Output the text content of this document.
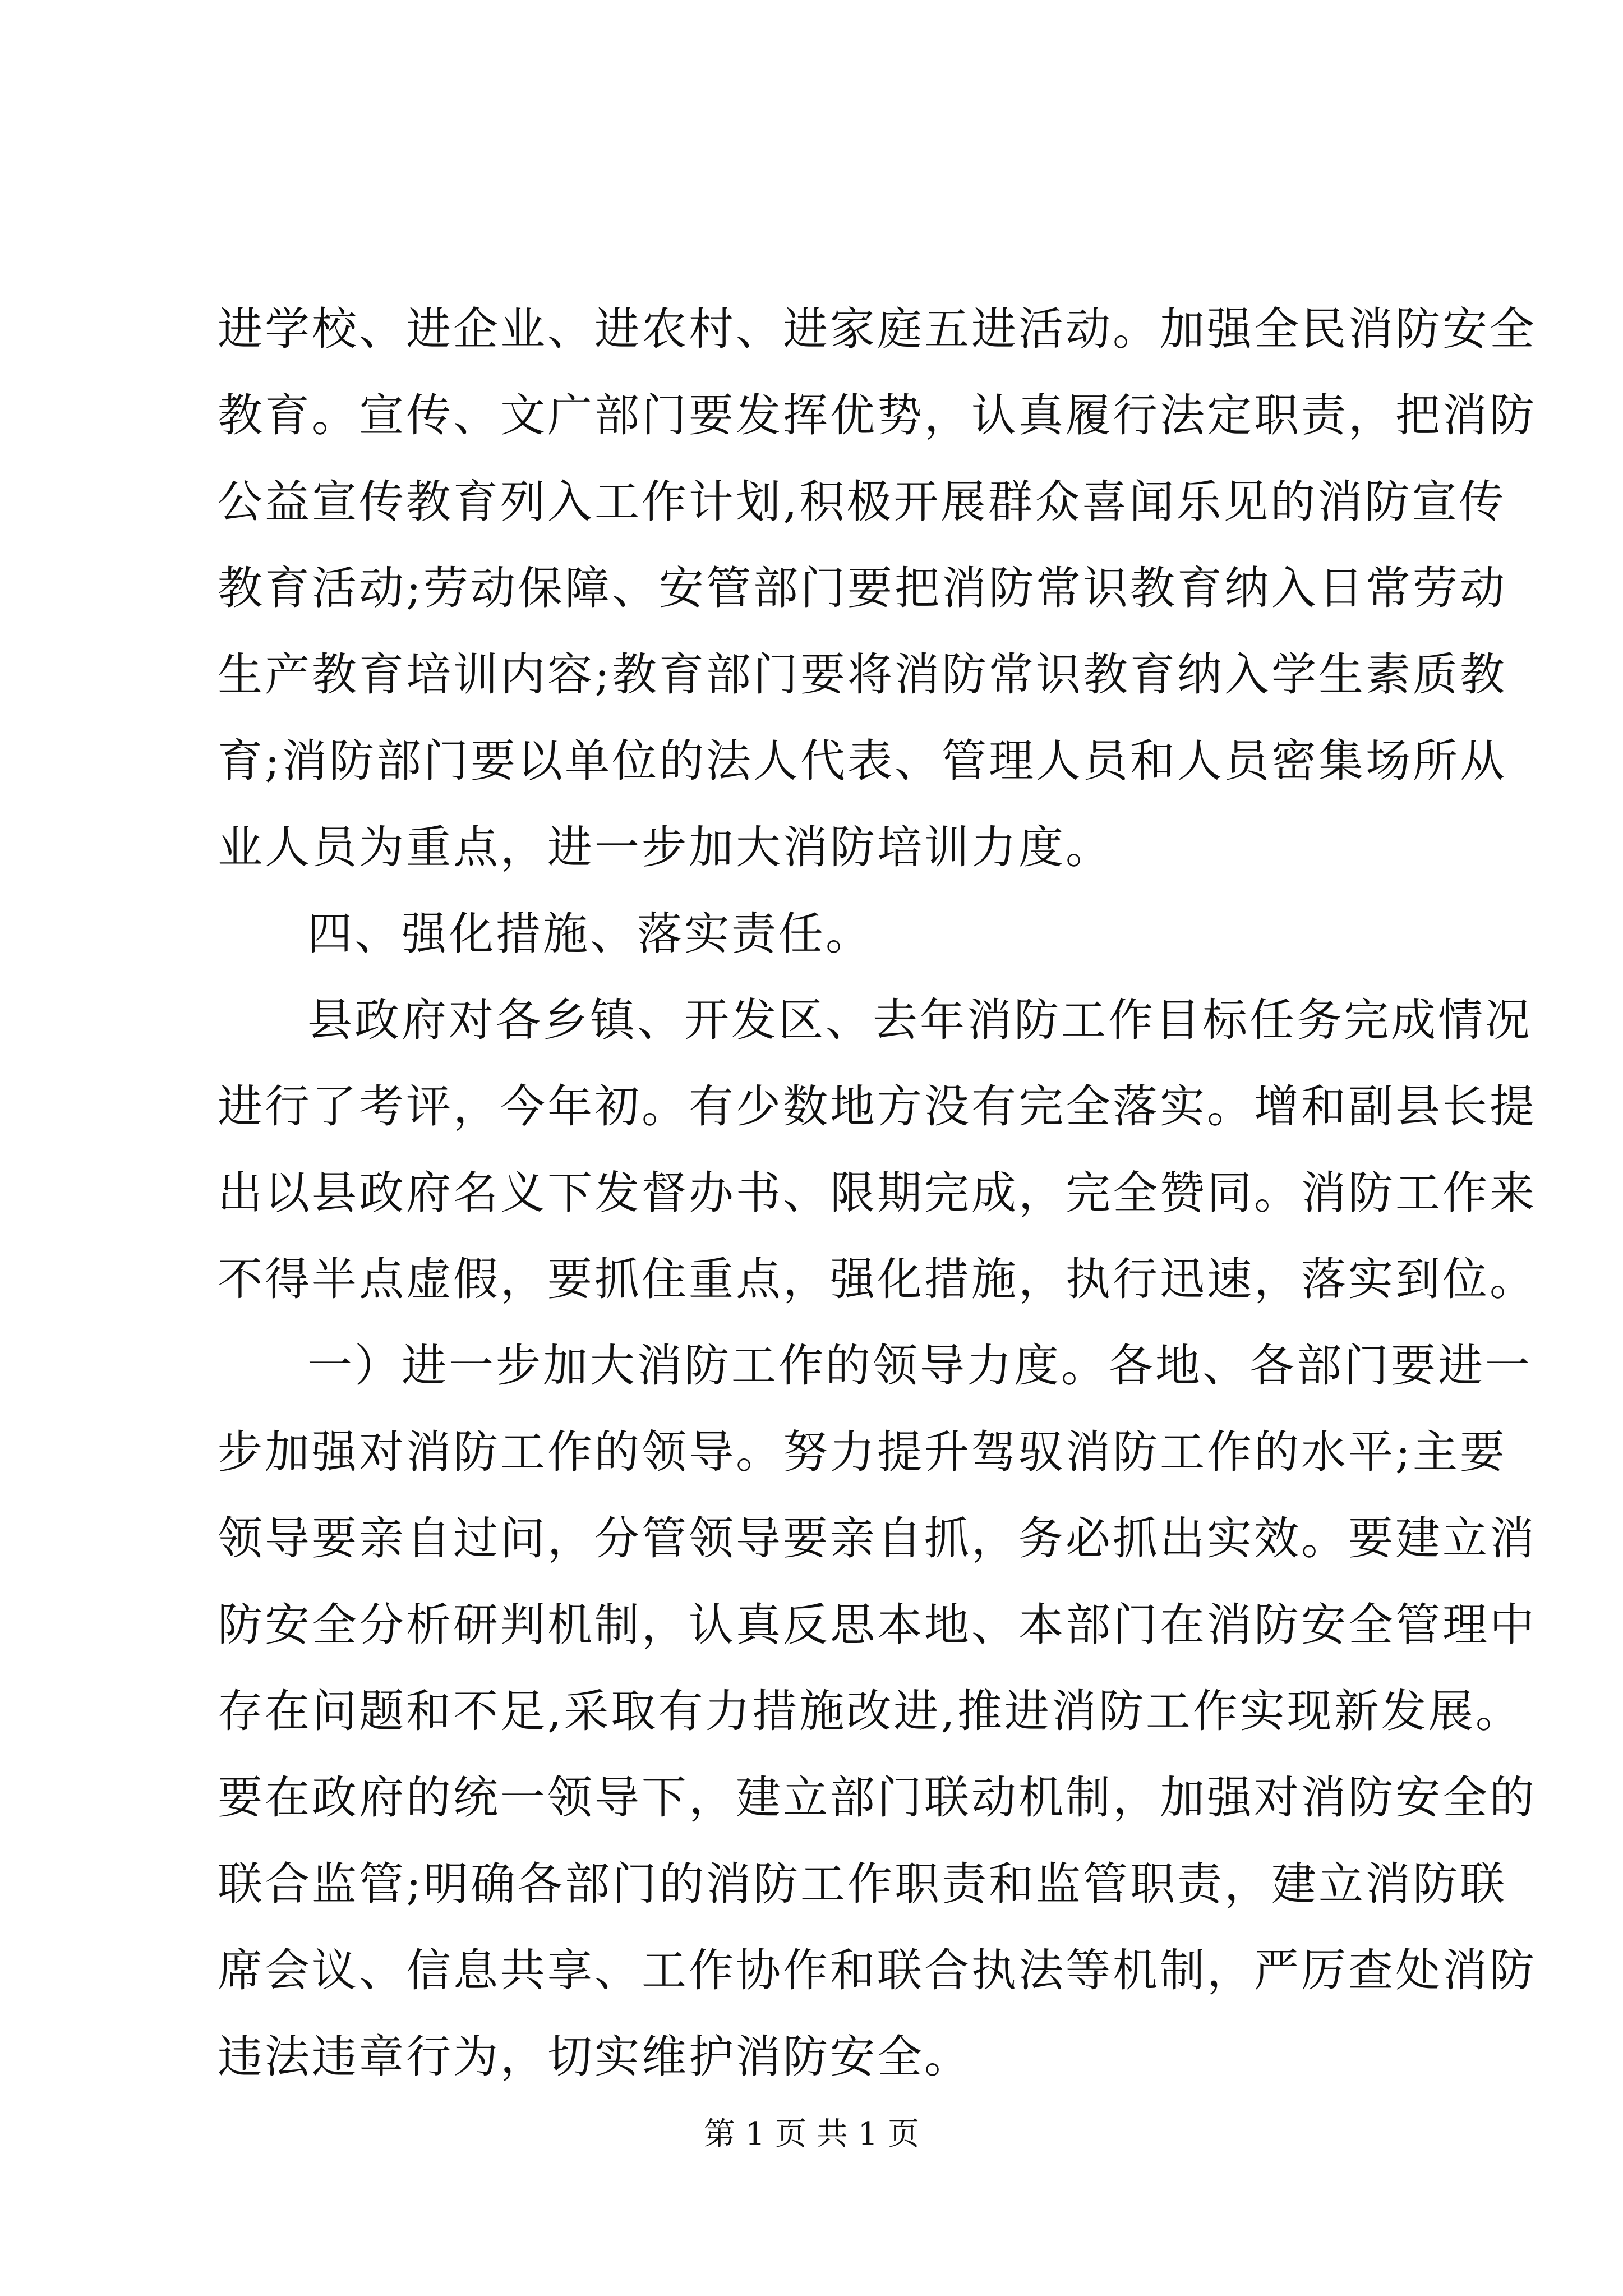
进学校、进企业、进农村、进家庭五进活动。加强全民消防安全
教育。宣传、文广部门要发挥优势，认真履行法定职责，把消防
公益宣传教育列入工作计划,积极开展群众喜闻乐见的消防宣传
教育活动;劳动保障、安管部门要把消防常识教育纳入日常劳动
生产教育培训内容;教育部门要将消防常识教育纳入学生素质教
育;消防部门要以单位的法人代表、管理人员和人员密集场所从
业人员为重点，进一步加大消防培训力度。
四、强化措施、落实责任。
县政府对各乡镇、开发区、去年消防工作目标任务完成情况
进行了考评，今年初。有少数地方没有完全落实。增和副县长提
出以县政府名义下发督办书、限期完成，完全赞同。消防工作来
不得半点虚假，要抓住重点，强化措施，执行迅速，落实到位。
一）进一步加大消防工作的领导力度。各地、各部门要进一
步加强对消防工作的领导。努力提升驾驭消防工作的水平;主要
领导要亲自过问，分管领导要亲自抓，务必抓出实效。要建立消
防安全分析研判机制，认真反思本地、本部门在消防安全管理中
存在问题和不足,采取有力措施改进,推进消防工作实现新发展。
要在政府的统一领导下，建立部门联动机制，加强对消防安全的
联合监管;明确各部门的消防工作职责和监管职责，建立消防联
席会议、信息共享、工作协作和联合执法等机制，严厉查处消防
违法违章行为，切实维护消防安全。
第 1 页 共 1 页
